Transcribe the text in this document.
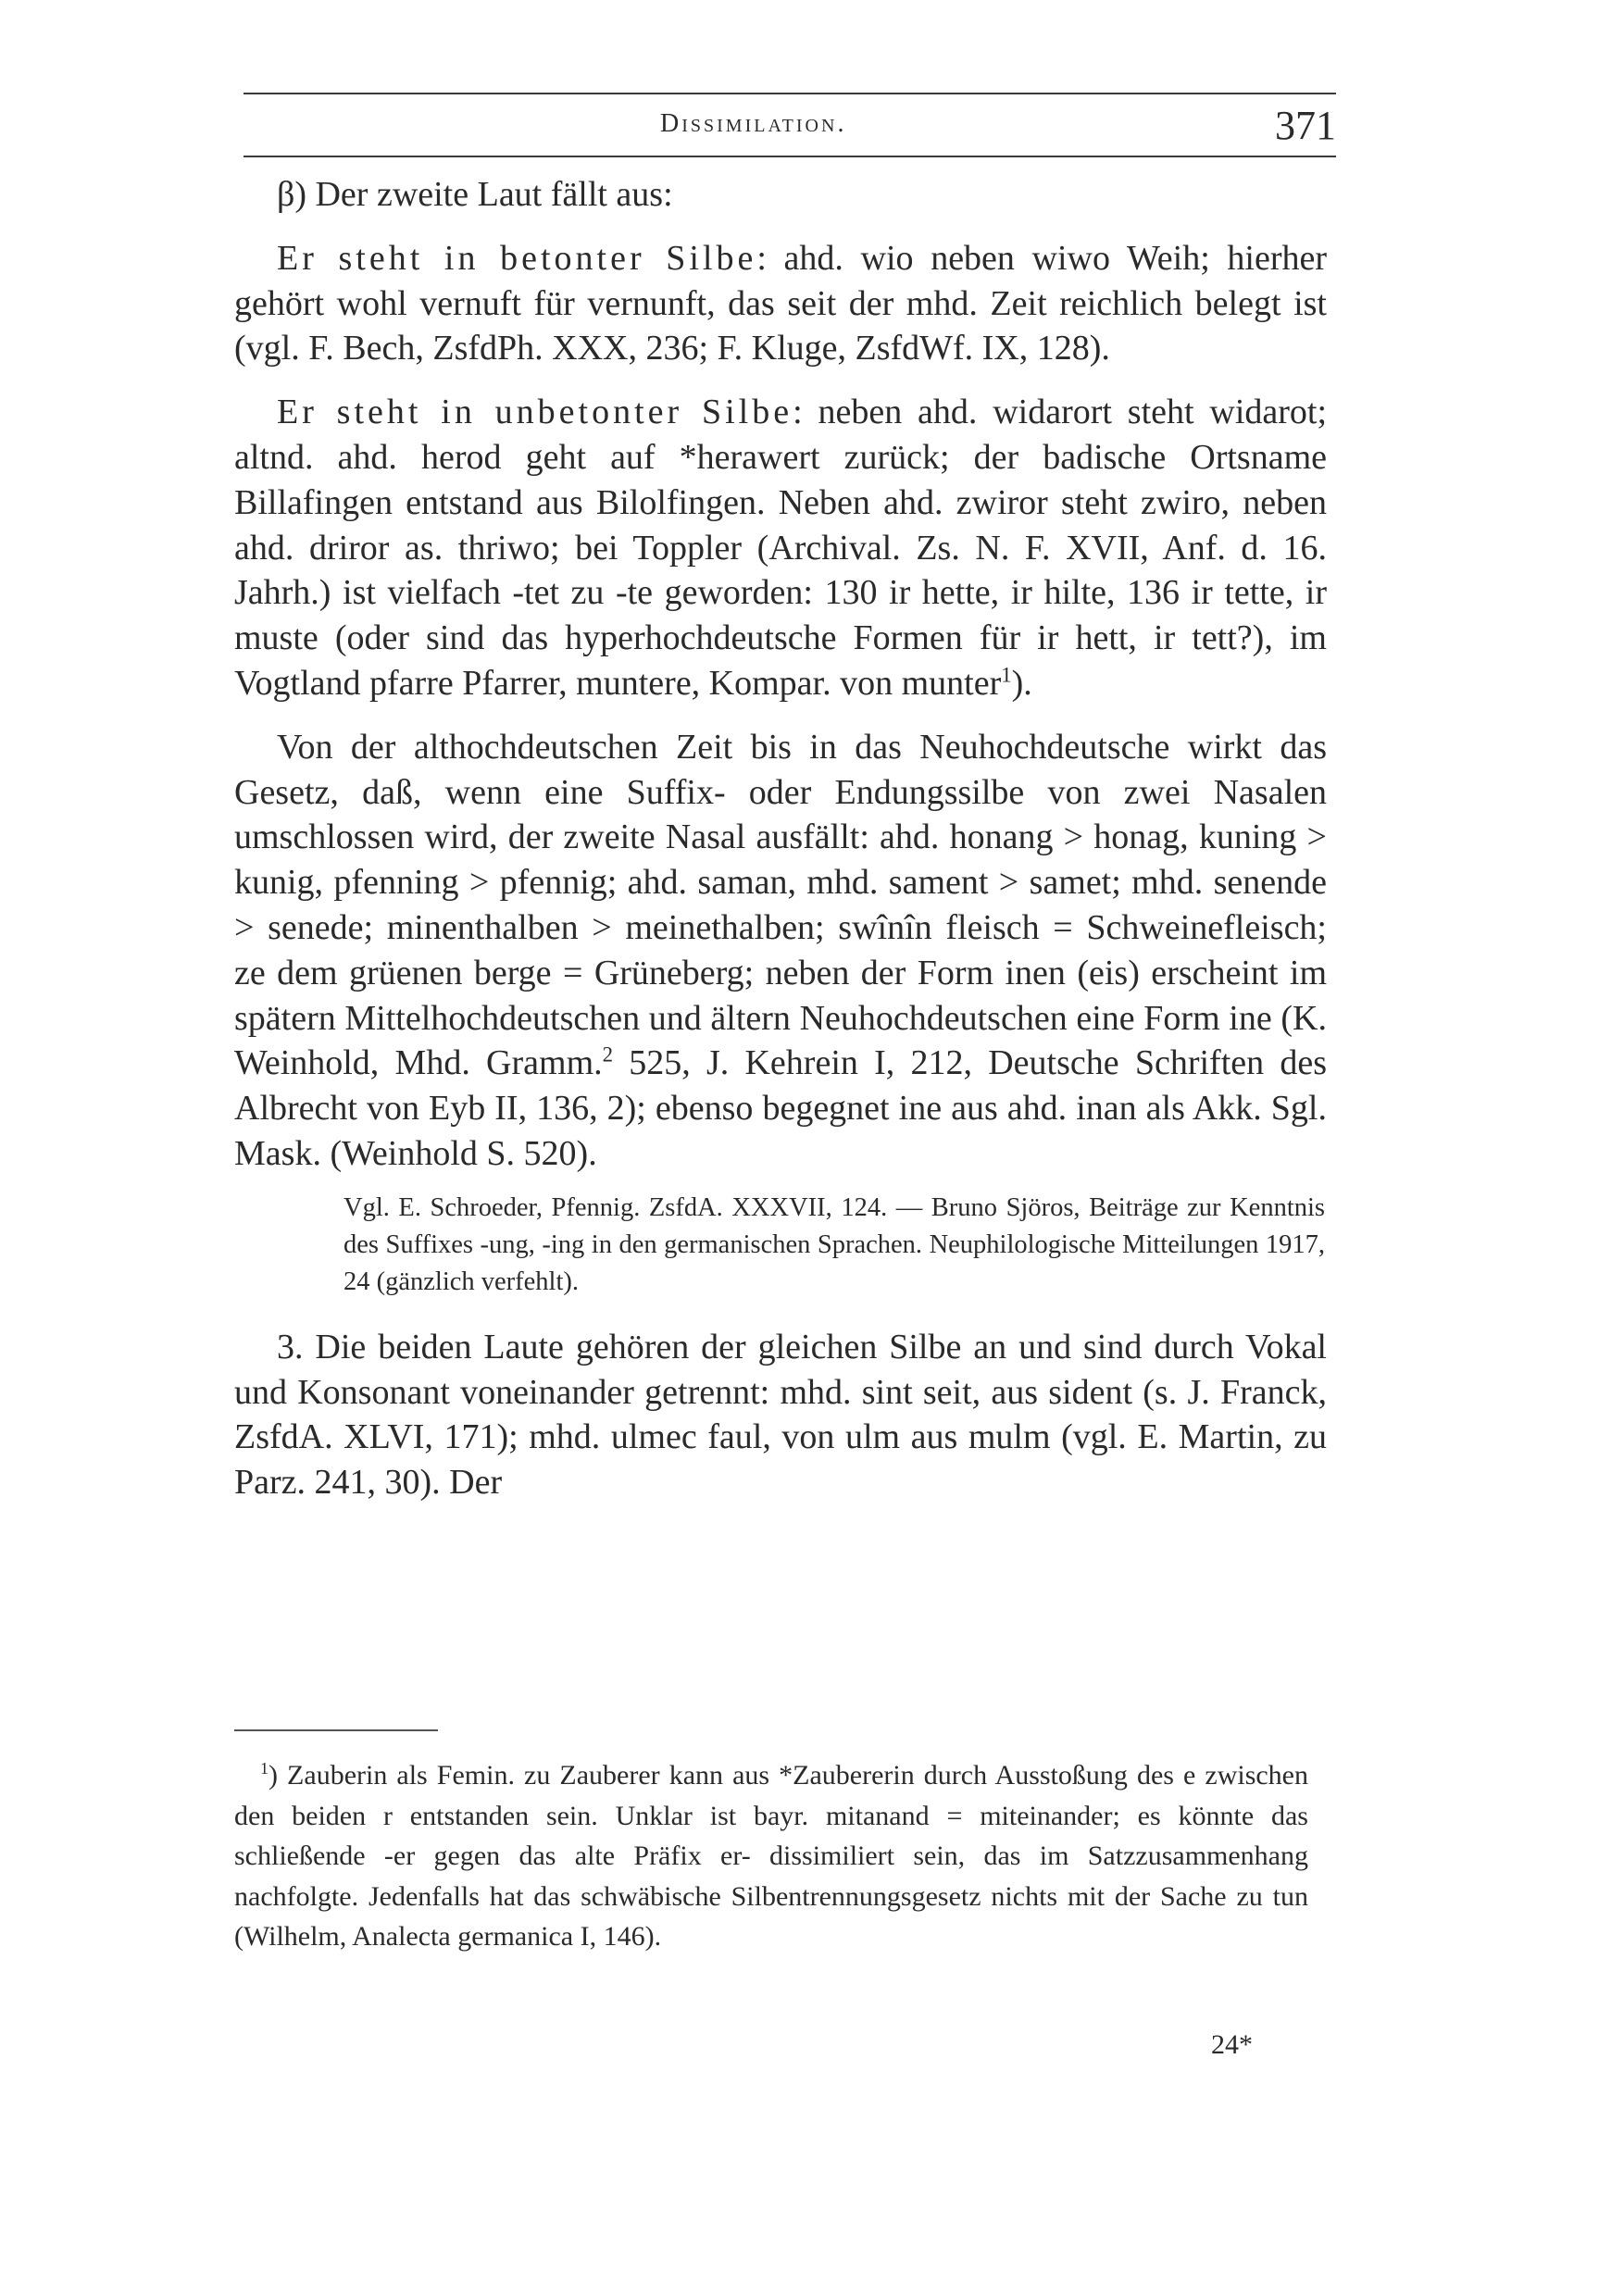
Dissimilation.	371

β) Der zweite Laut fällt aus:

Er steht in betonter Silbe: ahd. wio neben wiwo Weih; hierher gehört wohl vernuft für vernunft, das seit der mhd. Zeit reichlich belegt ist (vgl. F. Bech, ZsfdPh. XXX, 236; F. Kluge, ZsfdWf. IX, 128).

Er steht in unbetonter Silbe: neben ahd. widarort steht widarot; altnd. ahd. herod geht auf *herawert zurück; der badische Ortsname Billafingen entstand aus Bilolfingen. Neben ahd. zwiror steht zwiro, neben ahd. driror as. thriwo; bei Toppler (Archival. Zs. N. F. XVII, Anf. d. 16. Jahrh.) ist vielfach -tet zu -te geworden: 130 ir hette, ir hilte, 136 ir tette, ir muste (oder sind das hyperhochdeutsche Formen für ir hett, ir tett?), im Vogtland pfarre Pfarrer, muntere, Kompar. von munter$^1$).

Von der althochdeutschen Zeit bis in das Neuhochdeutsche wirkt das Gesetz, daß, wenn eine Suffix- oder Endungssilbe von zwei Nasalen umschlossen wird, der zweite Nasal ausfällt: ahd. honang > honag, kuning > kunig, pfenning > pfennig; ahd. saman, mhd. sament > samet; mhd. senende > senede; minenthalben > meinethalben; swînîn fleisch = Schweinefleisch; ze dem grüenen berge = Grüneberg; neben der Form inen (eis) erscheint im spätern Mittelhochdeutschen und ältern Neuhochdeutschen eine Form ine (K. Weinhold, Mhd. Gramm.$^2$ 525, J. Kehrein I, 212, Deutsche Schriften des Albrecht von Eyb II, 136, 2); ebenso begegnet ine aus ahd. inan als Akk. Sgl. Mask. (Weinhold S. 520).

Vgl. E. Schroeder, Pfennig. ZsfdA. XXXVII, 124. — Bruno Sjöros, Beiträge zur Kenntnis des Suffixes -ung, -ing in den germanischen Sprachen. Neuphilologische Mitteilungen 1917, 24 (gänzlich verfehlt).

3. Die beiden Laute gehören der gleichen Silbe an und sind durch Vokal und Konsonant voneinander getrennt: mhd. sint seit, aus sident (s. J. Franck, ZsfdA. XLVI, 171); mhd. ulmec faul, von ulm aus mulm (vgl. E. Martin, zu Parz. 241, 30). Der

$^1$) Zauberin als Femin. zu Zauberer kann aus *Zaubererin durch Ausstoßung des e zwischen den beiden r entstanden sein. Unklar ist bayr. mitanand = miteinander; es könnte das schließende -er gegen das alte Präfix er- dissimiliert sein, das im Satzzusammenhang nachfolgte. Jedenfalls hat das schwäbische Silbentrennungsgesetz nichts mit der Sache zu tun (Wilhelm, Analecta germanica I, 146).

24*
